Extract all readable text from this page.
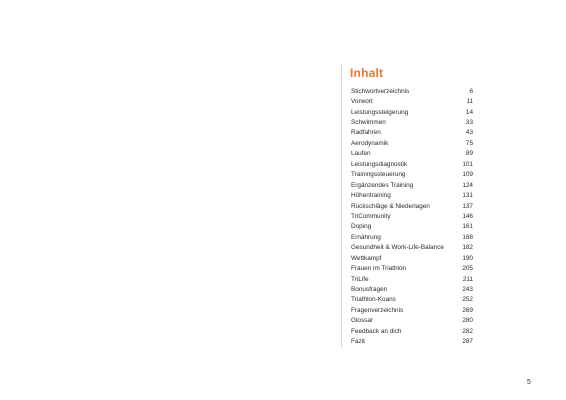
Inhalt
Stichwortverzeichnis	6
Vorwort	11
Leistungssteigerung	14
Schwimmen	33
Radfahren	43
Aerodynamik	75
Laufen	89
Leistungsdiagnostik	101
Trainingssteuerung	109
Ergänzendes Training	124
Höhentraining	131
Rückschläge & Niederlagen	137
TriCommunity	146
Doping	161
Ernährung	168
Gesundheit & Work-Life-Balance	182
Wettkampf	190
Frauen im Triathlon	205
TriLife	211
Bonusfragen	243
Triathlon-Koans	252
Fragenverzeichnis	269
Glossar	280
Feedback an dich	282
Fazit	287
5
